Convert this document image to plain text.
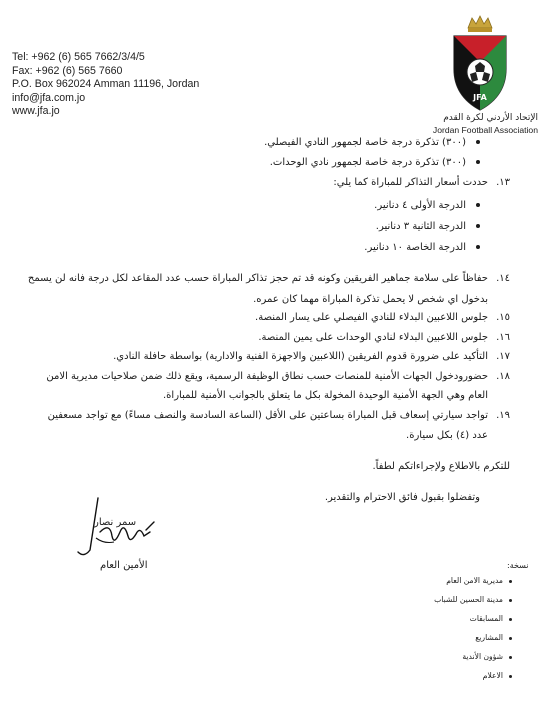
Tel: +962 (6) 565 7662/3/4/5
Fax: +962 (6) 565 7660
P.O. Box 962024 Amman 11196, Jordan
info@jfa.com.jo
www.jfa.jo
JFA
الإتحاد الأردني لكرة القدم
Jordan Football Association
(٣٠٠) تذكرة درجة خاصة لجمهور النادي الفيصلي.
(٣٠٠) تذكرة درجة خاصة لجمهور نادي الوحدات.
١٣.حددت أسعار التذاكر للمباراة كما يلي:
الدرجة الأولى ٤ دنانير.
الدرجة الثانية ٣ دنانير.
الدرجة الخاصة ١٠ دنانير.
١٤.حفاظاً على سلامة جماهير الفريقين وكونه قد تم حجز تذاكر المباراة حسب عدد المقاعد لكل درجة فانه لن يسمح
بدخول اي شخص لا يحمل تذكرة المباراة مهما كان عمره.
١٥.جلوس اللاعبين البدلاء للنادي الفيصلي على يسار المنصة.
١٦.جلوس اللاعبين البدلاء لنادي الوحدات على يمين المنصة.
١٧.التأكيد على ضرورة قدوم الفريقين (اللاعبين والاجهزة الفنية والادارية) بواسطة حافلة النادي.
١٨.حضورودخول الجهات الأمنية للمنصات حسب نطاق الوظيفة الرسمية، ويقع ذلك ضمن صلاحيات مديرية الامن
العام وهي الجهة الأمنية الوحيدة المخولة بكل ما يتعلق بالجوانب الأمنية للمباراة.
١٩.تواجد سيارتي إسعاف قبل المباراة بساعتين على الأقل (الساعة السادسة والنصف مساءً) مع تواجد مسعفين
عدد (٤) بكل سيارة.
للتكرم بالاطلاع ولإجراءاتكم لطفاً.
وتفضلوا بقبول فائق الاحترام والتقدير.
سمر نصار
الأمين العام	نسخة:
مديرية الامن العام
مدينة الحسين للشباب
المسابقات
المشاريع
شؤون الأندية
الاعلام
